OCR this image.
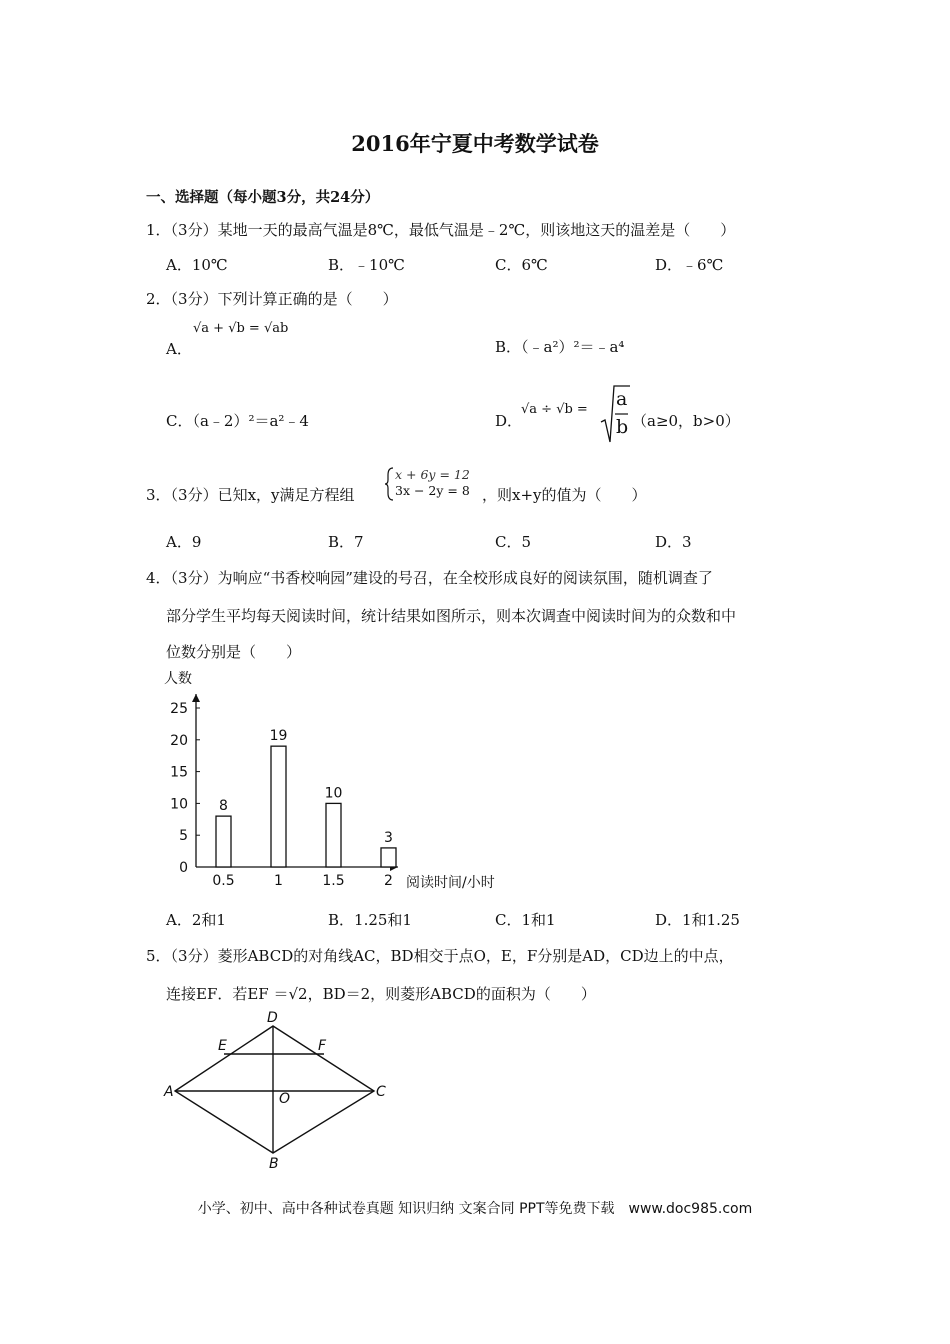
2016年宁夏中考数学试卷
一、选择题（每小题3分，共24分）
1．（3分）某地一天的最高气温是8℃，最低气温是﹣2℃，则该地这天的温差是（　　）
A．10℃	B．﹣10℃	C．6℃	D．﹣6℃
2．（3分）下列计算正确的是（　　）
A．
√a + √b = √ab
B．（﹣a²）²＝﹣a⁴
C．（a﹣2）²＝a²﹣4	D．
√a ÷ √b = a
b （a≥0，b>0）
3．（3分）已知x，y满足方程组
x + 6y = 12
3x − 2y = 8 ，则x+y的值为（　　）
A．9	B．7	C．5	D．3
4．（3分）为响应“书香校响园”建设的号召，在全校形成良好的阅读氛围，随机调查了
部分学生平均每天阅读时间，统计结果如图所示，则本次调查中阅读时间为的众数和中
位数分别是（　　）
0
5
10
15
20
25
人数
8
0.5
19
1
10
1.5
3
2 阅读时间/小时
A．2和1	B．1.25和1	C．1和1	D．1和1.25
5．（3分）菱形ABCD的对角线AC，BD相交于点O，E，F分别是AD，CD边上的中点，
连接EF．若EF ＝√2，BD＝2，则菱形ABCD的面积为（　　）
D
E	F
A	C
O
B
小学、初中、高中各种试卷真题 知识归纳 文案合同 PPT等免费下载　www.doc985.com
